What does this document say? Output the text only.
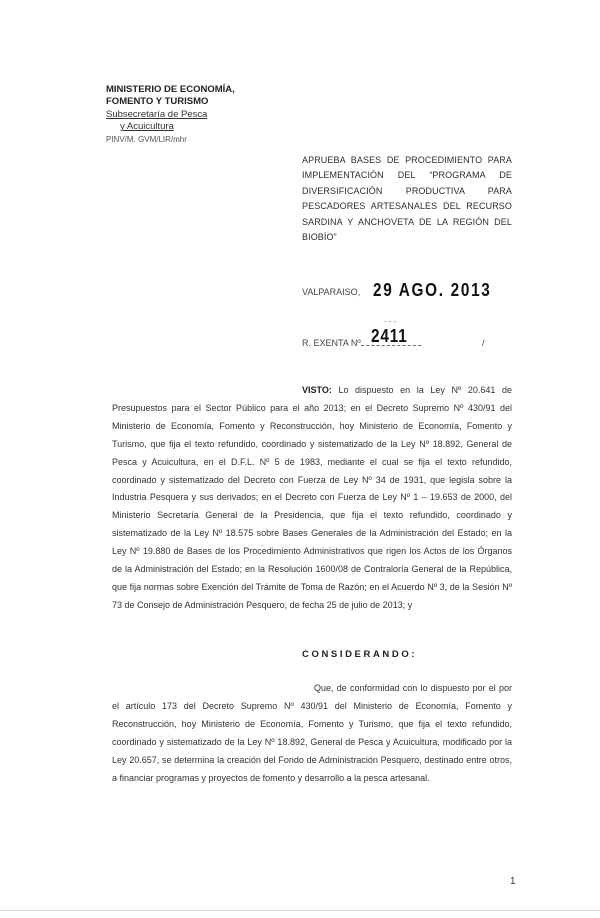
MINISTERIO DE ECONOMÍA,
FOMENTO Y TURISMO
Subsecretaría de Pesca
y Acuicultura
PINV/M. GVM/LIR/mhr
APRUEBA BASES DE PROCEDIMIENTO PARA IMPLEMENTACIÓN DEL “PROGRAMA DE DIVERSIFICACIÓN PRODUCTIVA PARA PESCADORES ARTESANALES DEL RECURSO SARDINA Y ANCHOVETA DE LA REGIÓN DEL BIOBÍO”
VALPARAISO, 29 AGO. 2013
- - -
R. EXENTA Nº 2411	/
VISTO: Lo dispuesto en la Ley Nº 20.641 de Presupuestos para el Sector Público para el año 2013; en el Decreto Supremo Nº 430/91 del Ministerio de Economía, Fomento y Reconstrucción, hoy Ministerio de Economía, Fomento y Turismo, que fija el texto refundido, coordinado y sistematizado de la Ley Nº 18.892, General de Pesca y Acuicultura, en el D.F.L. Nº 5 de 1983, mediante el cual se fija el texto refundido, coordinado y sistematizado del Decreto con Fuerza de Ley Nº 34 de 1931, que legisla sobre la Industria Pesquera y sus derivados; en el Decreto con Fuerza de Ley Nº 1 – 19.653 de 2000, del Ministerio Secretaría General de la Presidencia, que fija el texto refundido, coordinado y sistematizado de la Ley Nº 18.575 sobre Bases Generales de la Administración del Estado; en la Ley Nº 19.880 de Bases de los Procedimiento Administrativos que rigen los Actos de los Órganos de la Administración del Estado; en la Resolución 1600/08 de Contraloría General de la República, que fija normas sobre Exención del Trámite de Toma de Razón; en el Acuerdo Nº 3, de la Sesión Nº 73 de Consejo de Administración Pesquero, de fecha 25 de julio de 2013; y
CONSIDERANDO:
Que, de conformidad con lo dispuesto por el por el artículo 173 del Decreto Supremo Nº 430/91 del Ministerio de Economía, Fomento y Reconstrucción, hoy Ministerio de Economía, Fomento y Turismo, que fija el texto refundido, coordinado y sistematizado de la Ley Nº 18.892, General de Pesca y Acuicultura, modificado por la Ley 20.657, se determina la creación del Fondo de Administración Pesquero, destinado entre otros, a financiar programas y proyectos de fomento y desarrollo a la pesca artesanal.
1
